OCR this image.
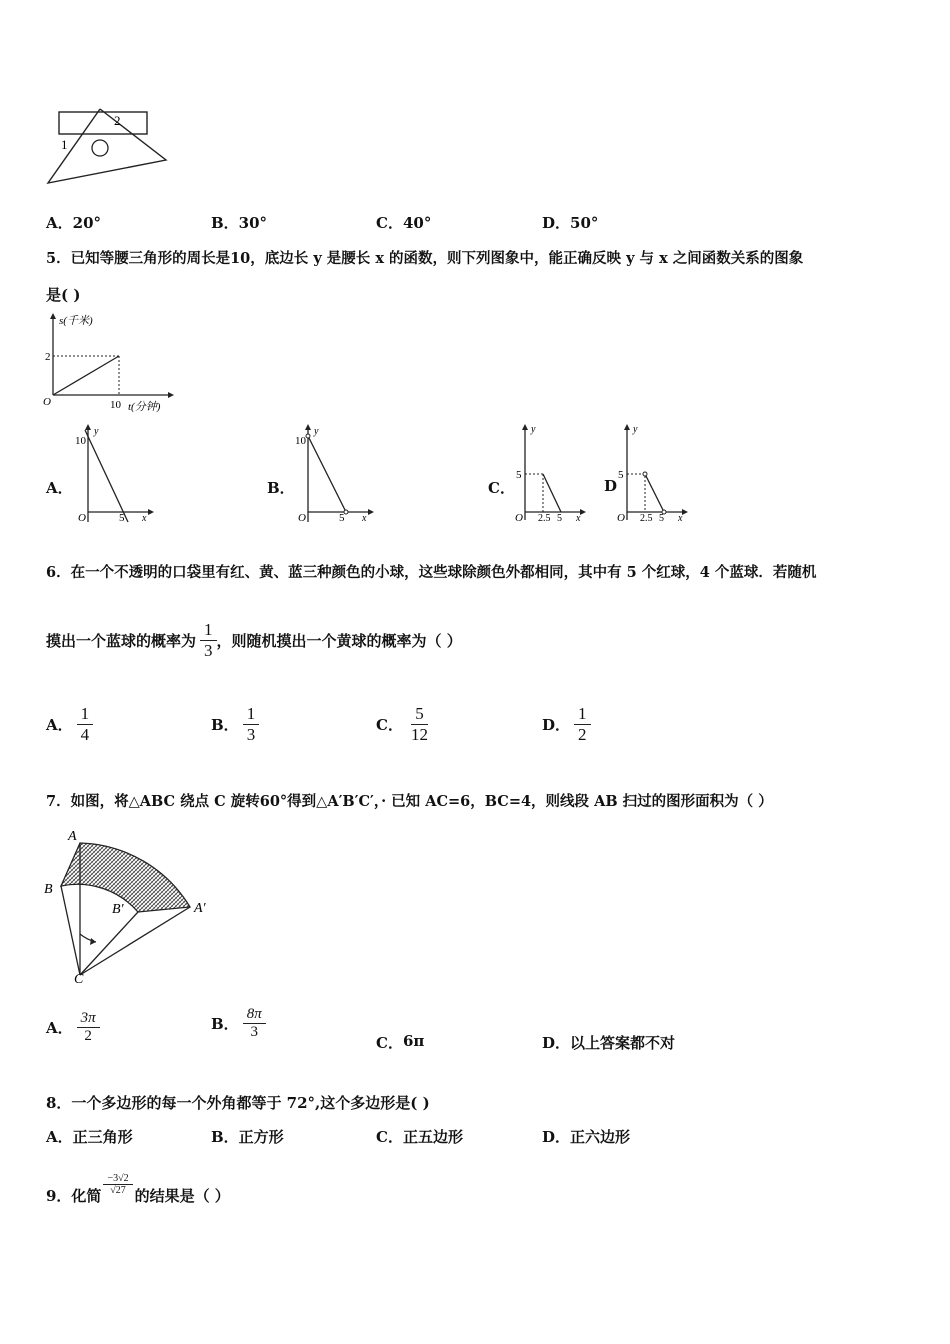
1
2
A．20°	B．30°	C．40°	D．50°
5．已知等腰三角形的周长是10，底边长 y 是腰长 x 的函数，则下列图象中，能正确反映 y 与 x 之间函数关系的图象
是( )
s(千米)
2
O	10 t(分钟)
A．
y
10
O	5 x
B．
y
10
O	5 x
C．
y
5
O 2.5 5 x
D
y
5
O 2.5 5 x
6．在一个不透明的口袋里有红、黄、蓝三种颜色的小球，这些球除颜色外都相同，其中有 5 个红球，4 个蓝球．若随机
摸出一个蓝球的概率为 $\frac{1}{3}$ ，则随机摸出一个黄球的概率为（ ）
A． $\frac{1}{4}$	B． $\frac{1}{3}$	C． $\frac{5}{12}$	D． $\frac{1}{2}$
7．如图，将△ABC 绕点 C 旋转60°得到△A′B′C′，· 已知 AC=6，BC=4，则线段 AB 扫过的图形面积为（ ）
A
B
C
A′
B′
A． $\frac{3\pi}{2}$	B． $\frac{8\pi}{3}$
C． 6π	D． 以上答案都不对
8．一个多边形的每一个外角都等于 72°,这个多边形是( )
A．正三角形	B．正方形	C．正五边形	D．正六边形
9．化简 $\frac{-3√2}{√27}$ 的结果是（ ）
